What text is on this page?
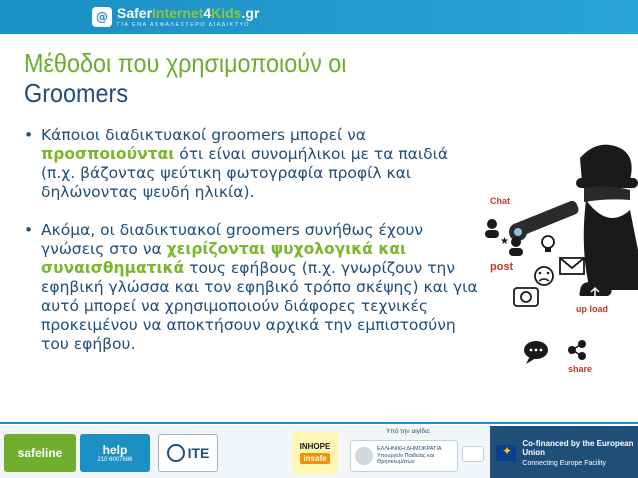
@ SaferInternet4Kids.gr
ΓΙΑ ΕΝΑ ΑΣΦΑΛΕΣΤΕΡΟ ΔΙΑΔΙΚΤΥΟ
Μέθοδοι που χρησιμοποιούν οι
Groomers
• Κάποιοι διαδικτυακοί groomers μπορεί να προσποιούνται ότι είναι συνομήλικοι με τα παιδιά (π.χ. βάζοντας ψεύτικη φωτογραφία προφίλ και δηλώνοντας ψευδή ηλικία).
• Ακόμα, οι διαδικτυακοί groomers συνήθως έχουν γνώσεις στο να χειρίζονται ψυχολογικά και συναισθηματικά τους εφήβους (π.χ. γνωρίζουν την εφηβική γλώσσα και τον εφηβικό τρόπο σκέψης) και για αυτό μπορεί να χρησιμοποιούν διάφορες τεχνικές προκειμένου να αποκτήσουν αρχικά την εμπιστοσύνη του εφήβου.
Chat
★
post
up load
share
safeline	help
210 6007686	ITE	INHOPE
insafe
Υπό την αιγίδα:
ΕΛΛΗΝΙΚΗ ΔΗΜΟΚΡΑΤΙΑ Υπουργείο Παιδείας και Θρησκευμάτων
✦
Co-financed by the European Union
Connecting Europe Facility
